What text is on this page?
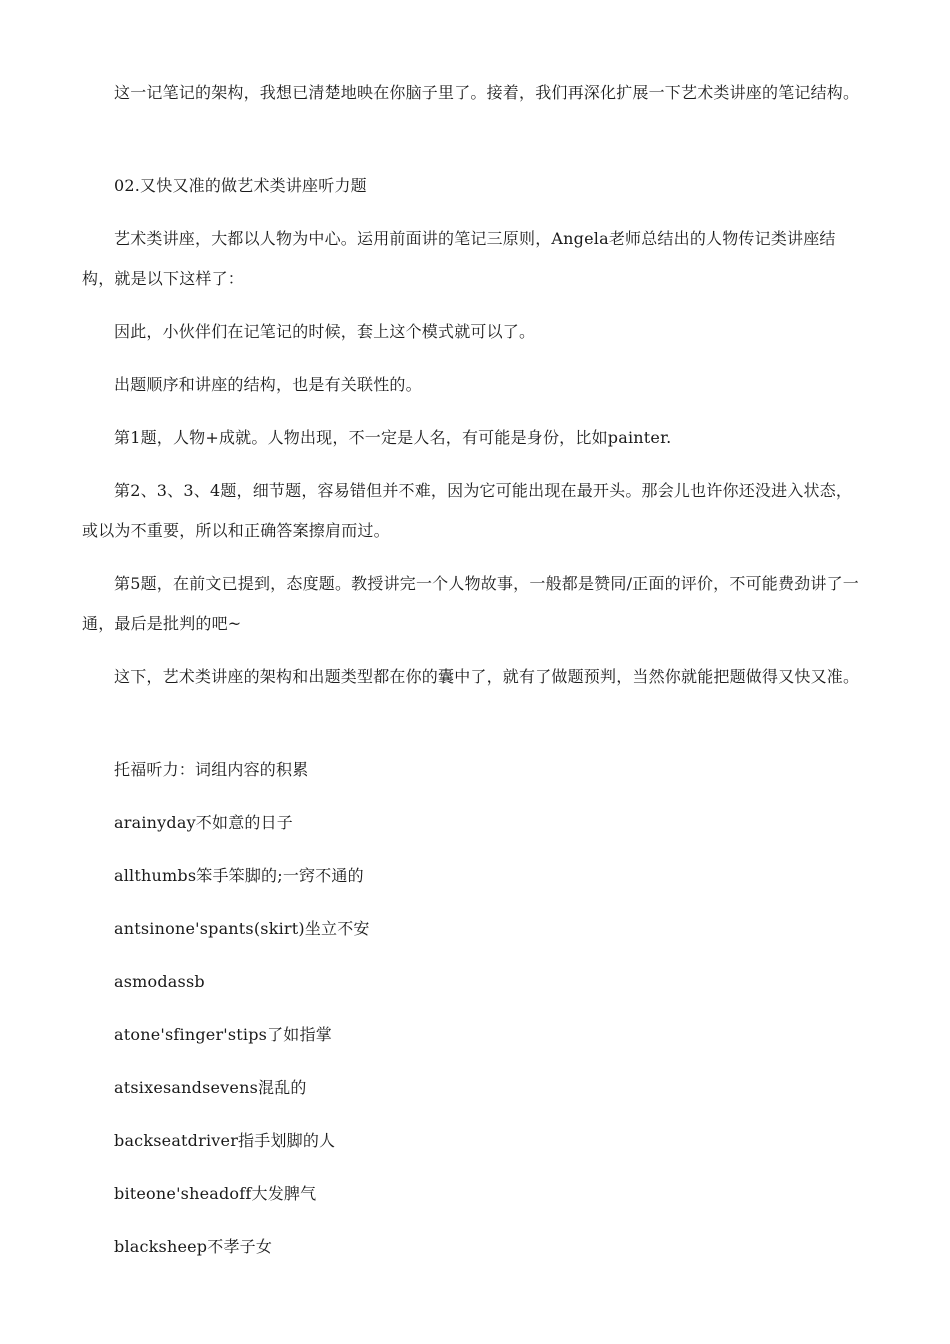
这一记笔记的架构，我想已清楚地映在你脑子里了。接着，我们再深化扩展一下艺术类讲座的笔记结构。

02.又快又准的做艺术类讲座听力题

艺术类讲座，大都以人物为中心。运用前面讲的笔记三原则，Angela老师总结出的人物传记类讲座结构，就是以下这样了：

因此，小伙伴们在记笔记的时候，套上这个模式就可以了。

出题顺序和讲座的结构，也是有关联性的。

第1题，人物+成就。人物出现，不一定是人名，有可能是身份，比如painter.

第2、3、3、4题，细节题，容易错但并不难，因为它可能出现在最开头。那会儿也许你还没进入状态，或以为不重要，所以和正确答案擦肩而过。

第5题，在前文已提到，态度题。教授讲完一个人物故事，一般都是赞同/正面的评价，不可能费劲讲了一通，最后是批判的吧~

这下，艺术类讲座的架构和出题类型都在你的囊中了，就有了做题预判，当然你就能把题做得又快又准。

托福听力：词组内容的积累

arainyday不如意的日子

allthumbs笨手笨脚的;一窍不通的

antsinone'spants(skirt)坐立不安

asmodassb

atone'sfinger'stips了如指掌

atsixesandsevens混乱的

backseatdriver指手划脚的人

biteone'sheadoff大发脾气

blacksheep不孝子女
